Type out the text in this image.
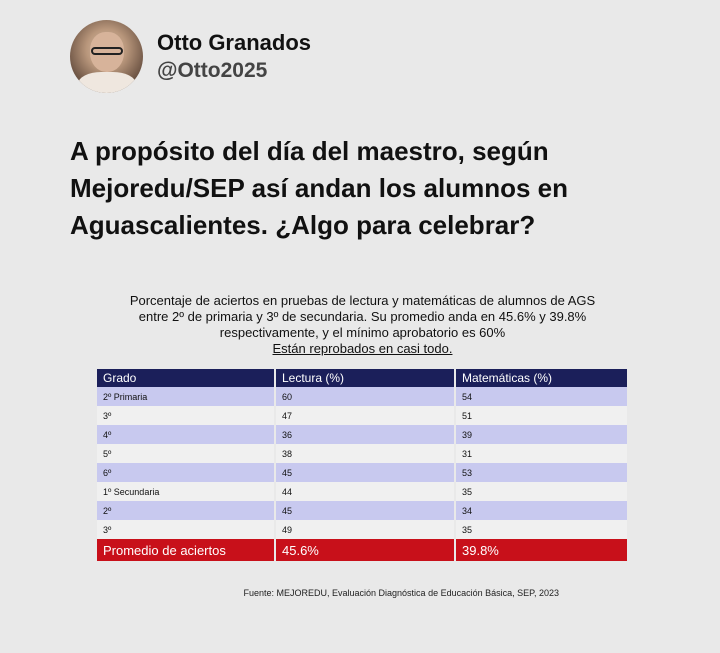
Otto Granados
@Otto2025
A propósito del día del maestro, según Mejoredu/SEP así andan los alumnos en Aguascalientes. ¿Algo para celebrar?
Porcentaje de aciertos en pruebas de lectura y matemáticas de alumnos de AGS
entre 2º de primaria y 3º de secundaria. Su promedio anda en 45.6% y 39.8%
respectivamente, y el mínimo aprobatorio es 60%
Están reprobados en casi todo.
Grado	Lectura (%)	Matemáticas (%)
2º Primaria	60	54
3º	47	51
4º	36	39
5º	38	31
6º	45	53
1º Secundaria	44	35
2º	45	34
3º	49	35
Promedio de aciertos	45.6%	39.8%
Fuente: MEJOREDU, Evaluación Diagnóstica de Educación Básica, SEP, 2023
